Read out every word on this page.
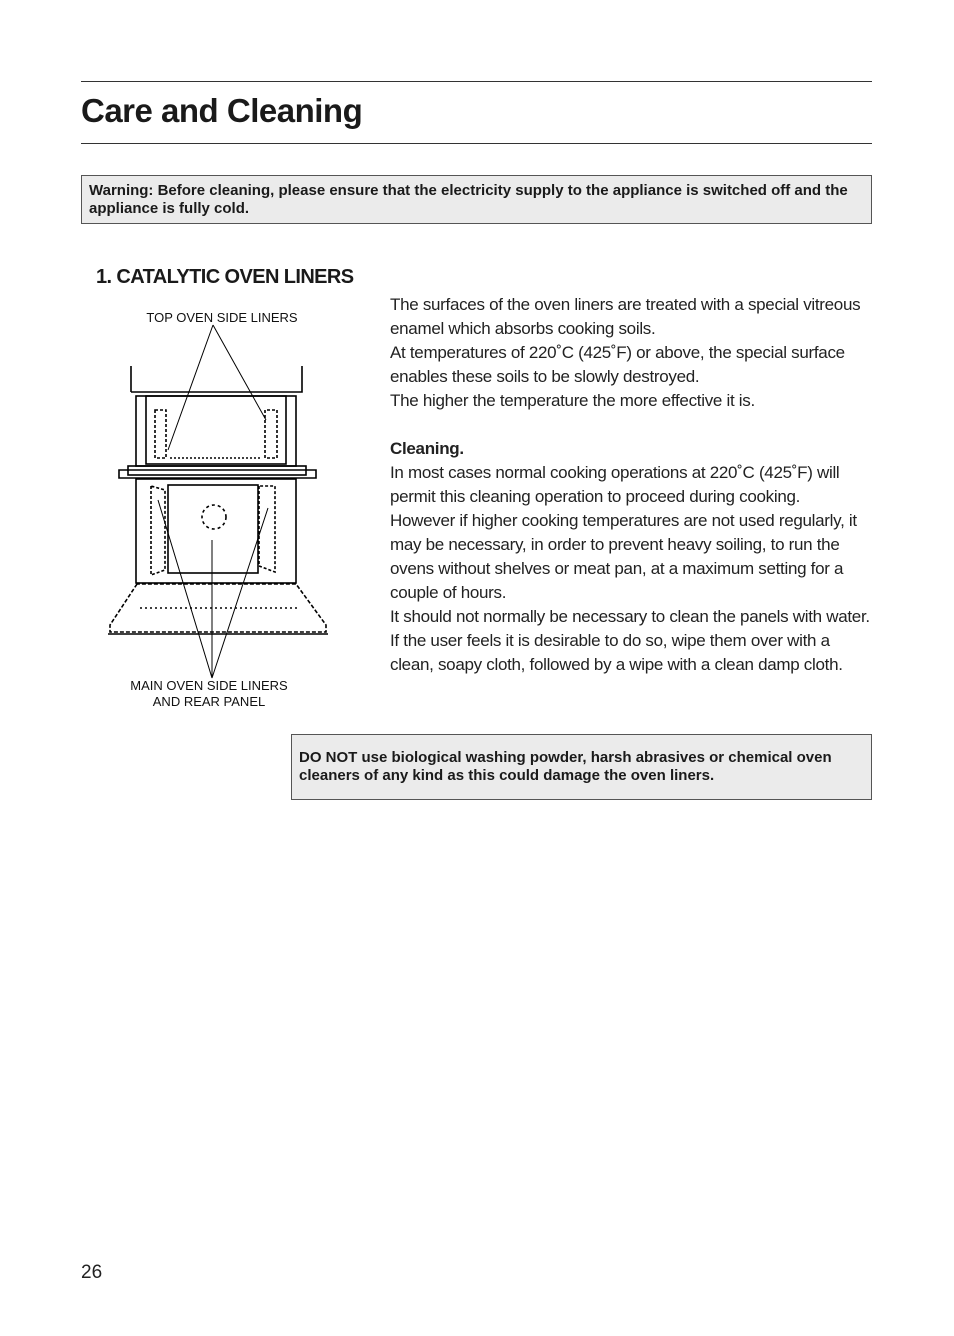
Care and Cleaning
Warning: Before cleaning, please ensure that the electricity supply to the appliance is switched off and the appliance is fully cold.
1. CATALYTIC OVEN LINERS

The surfaces of the oven liners are treated with a special vitreous enamel which absorbs cooking soils.

At temperatures of 220˚C (425˚F) or above, the special surface enables these soils to be slowly destroyed.

The higher the temperature the more effective it is.

Cleaning.

In most cases normal cooking operations at 220˚C (425˚F) will permit this cleaning operation to proceed during cooking.

However if higher cooking temperatures are not used regularly, it may be necessary, in order to prevent heavy soiling, to run the ovens without shelves or meat pan, at a maximum setting for a couple of hours.

It should not normally be necessary to clean the panels with water. If the user feels it is desirable to do so, wipe them over with a clean, soapy cloth, followed by a wipe with a clean damp cloth.

TOP OVEN SIDE LINERS
MAIN OVEN SIDE LINERS
AND REAR PANEL
DO NOT use biological washing powder, harsh abrasives or chemical oven cleaners of any kind as this could damage the oven liners.
26
